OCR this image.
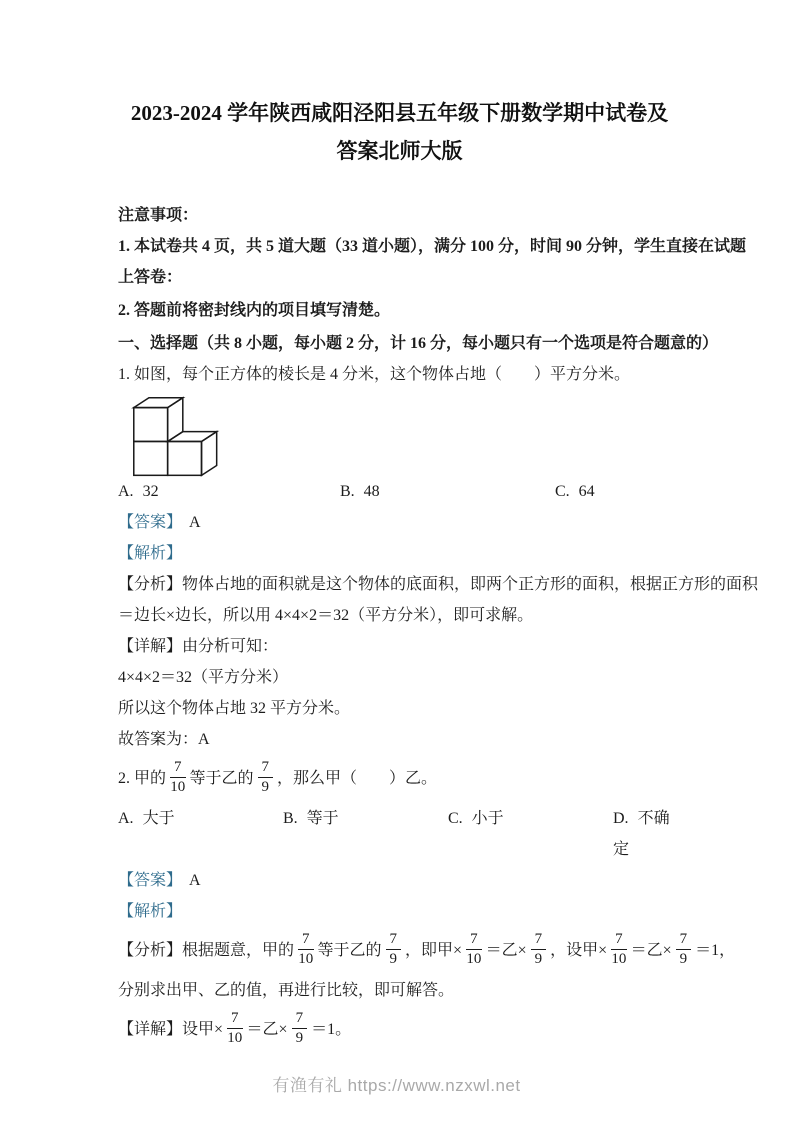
2023-2024 学年陕西咸阳泾阳县五年级下册数学期中试卷及
答案北师大版
注意事项：
1. 本试卷共 4 页，共 5 道大题（33 道小题），满分 100 分，时间 90 分钟，学生直接在试题
上答卷：
2. 答题前将密封线内的项目填写清楚。
一、选择题（共 8 小题，每小题 2 分，计 16 分，每小题只有一个选项是符合题意的）
1. 如图，每个正方体的棱长是 4 分米，这个物体占地（　　）平方分米。
A. 32	B. 48	C. 64
【答案】 A
【解析】
【分析】物体占地的面积就是这个物体的底面积，即两个正方形的面积，根据正方形的面积
＝边长×边长，所以用 4×4×2＝32（平方分米），即可求解。
【详解】由分析可知：
4×4×2＝32（平方分米）
所以这个物体占地 32 平方分米。
故答案为：A
2. 甲的 $\frac{7}{10}$ 等于乙的 $\frac{7}{9}$ ，那么甲（　　）乙。
A. 大于	B. 等于	C. 小于	D. 不确定
【答案】 A
【解析】
【分析】根据题意，甲的 $\frac{7}{10}$ 等于乙的 $\frac{7}{9}$ ，即甲× $\frac{7}{10}$ ＝乙× $\frac{7}{9}$ ，设甲× $\frac{7}{10}$ ＝乙× $\frac{7}{9} =1$，
分别求出甲、乙的值，再进行比较，即可解答。
【详解】设甲× $\frac{7}{10}$ ＝乙× $\frac{7}{9} =1$。
有渔有礼 https://www.nzxwl.net
